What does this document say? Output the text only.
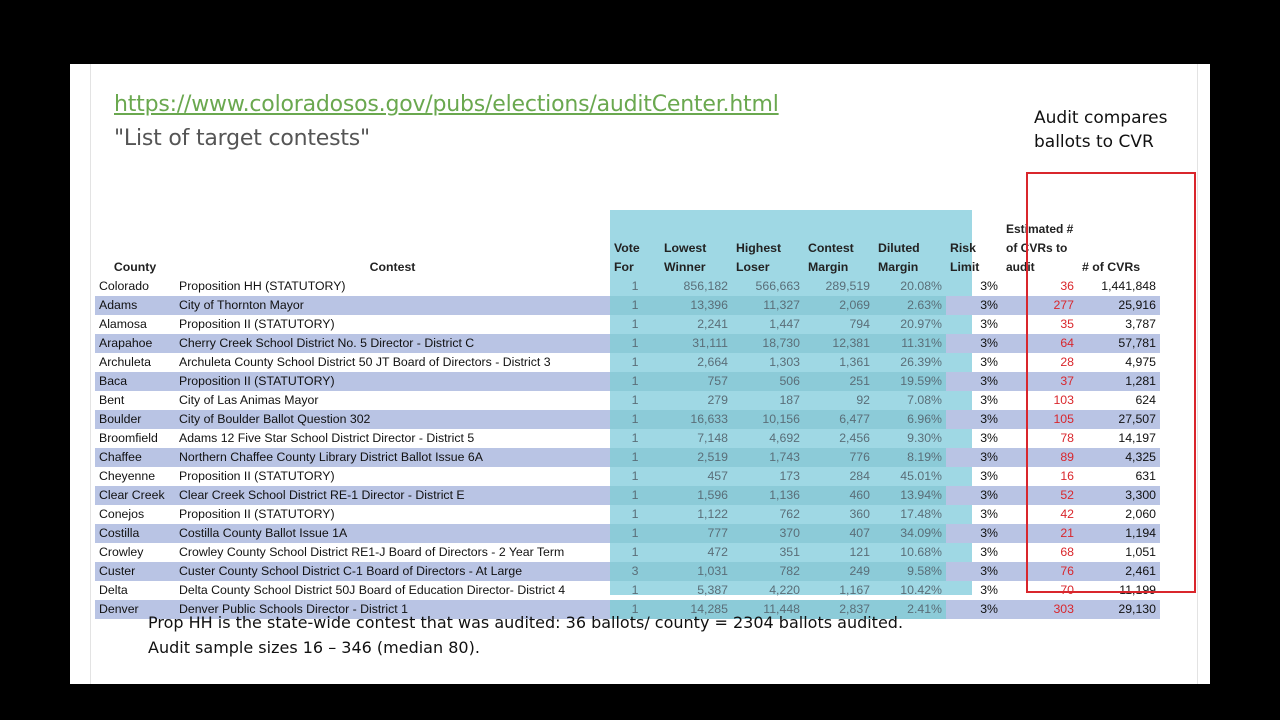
https://www.coloradosos.gov/pubs/elections/auditCenter.html
"List of target contests"
Audit compares
ballots to CVR
County	Contest	Vote For	Lowest Winner	Highest Loser	Contest Margin	Diluted Margin	Risk Limit	Estimated # of CVRs to audit	# of CVRs
Colorado	Proposition HH (STATUTORY)	1	856,182	566,663	289,519	20.08%	3%	36	1,441,848
Adams	City of Thornton Mayor	1	13,396	11,327	2,069	2.63%	3%	277	25,916
Alamosa	Proposition II (STATUTORY)	1	2,241	1,447	794	20.97%	3%	35	3,787
Arapahoe	Cherry Creek School District No. 5 Director - District C	1	31,111	18,730	12,381	11.31%	3%	64	57,781
Archuleta	Archuleta County School District 50 JT Board of Directors - District 3	1	2,664	1,303	1,361	26.39%	3%	28	4,975
Baca	Proposition II (STATUTORY)	1	757	506	251	19.59%	3%	37	1,281
Bent	City of Las Animas Mayor	1	279	187	92	7.08%	3%	103	624
Boulder	City of Boulder Ballot Question 302	1	16,633	10,156	6,477	6.96%	3%	105	27,507
Broomfield	Adams 12 Five Star School District Director - District 5	1	7,148	4,692	2,456	9.30%	3%	78	14,197
Chaffee	Northern Chaffee County Library District Ballot Issue 6A	1	2,519	1,743	776	8.19%	3%	89	4,325
Cheyenne	Proposition II (STATUTORY)	1	457	173	284	45.01%	3%	16	631
Clear Creek	Clear Creek School District RE-1 Director - District E	1	1,596	1,136	460	13.94%	3%	52	3,300
Conejos	Proposition II (STATUTORY)	1	1,122	762	360	17.48%	3%	42	2,060
Costilla	Costilla County Ballot Issue 1A	1	777	370	407	34.09%	3%	21	1,194
Crowley	Crowley County School District RE1-J Board of Directors - 2 Year Term	1	472	351	121	10.68%	3%	68	1,051
Custer	Custer County School District C-1 Board of Directors - At Large	3	1,031	782	249	9.58%	3%	76	2,461
Delta	Delta County School District 50J Board of Education Director- District 4	1	5,387	4,220	1,167	10.42%	3%	70	11,199
Denver	Denver Public Schools Director - District 1	1	14,285	11,448	2,837	2.41%	3%	303	29,130
Prop HH is the state-wide contest that was audited: 36 ballots/ county = 2304 ballots audited.
Audit sample sizes 16 – 346 (median 80).
